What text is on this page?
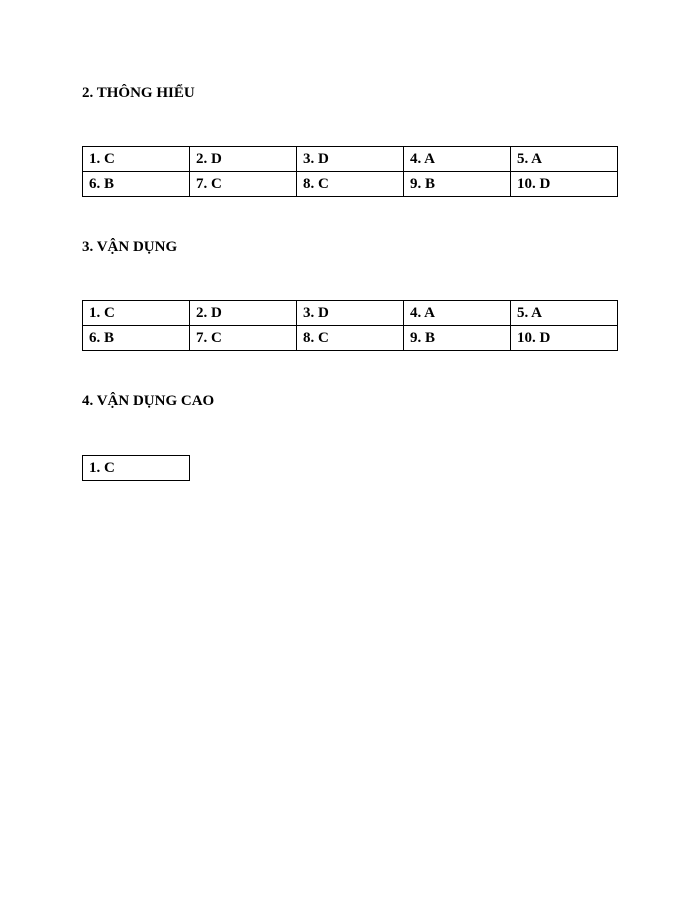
2. THÔNG HIỂU
1. C	2. D	3. D	4. A	5. A
6. B	7. C	8. C	9. B	10. D
3. VẬN DỤNG
1. C	2. D	3. D	4. A	5. A
6. B	7. C	8. C	9. B	10. D
4. VẬN DỤNG CAO
1. C
